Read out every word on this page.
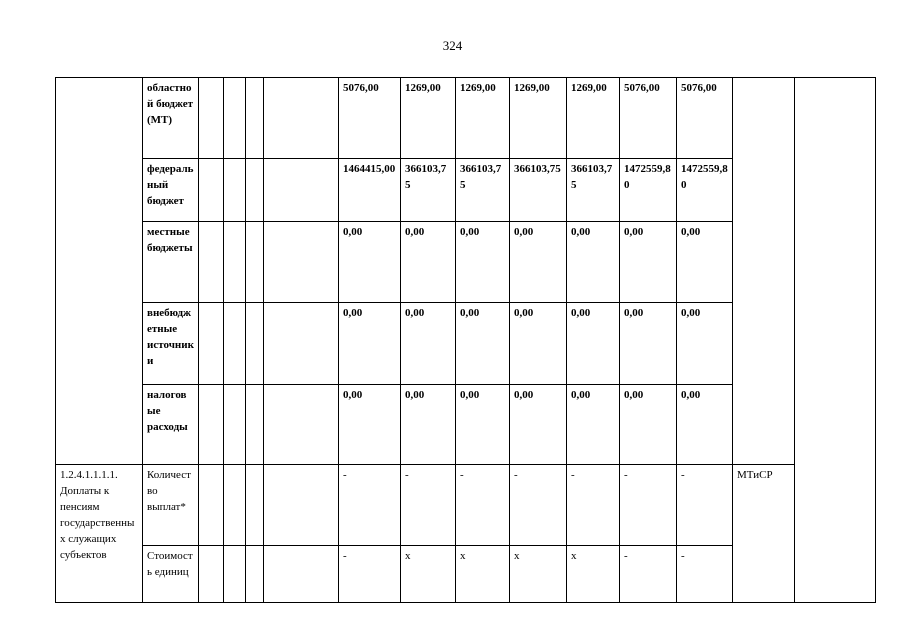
324
	областной бюджет (МТ)					5076,00	1269,00	1269,00	1269,00	1269,00	5076,00	5076,00		
	федеральный бюджет					1464415,00	366103,75	366103,75	366103,75	366103,75	1472559,80	1472559,80		
	местные бюджеты					0,00	0,00	0,00	0,00	0,00	0,00	0,00		
	внебюджетные источники					0,00	0,00	0,00	0,00	0,00	0,00	0,00		
	налоговые расходы					0,00	0,00	0,00	0,00	0,00	0,00	0,00		
1.2.4.1.1.1.1. Доплаты к пенсиям государственных служащих субъектов	Количество выплат*					-	-	-	-	-	-	-	МТиСР	
	Стоимость единиц					-	х	х	х	х	-	-		
